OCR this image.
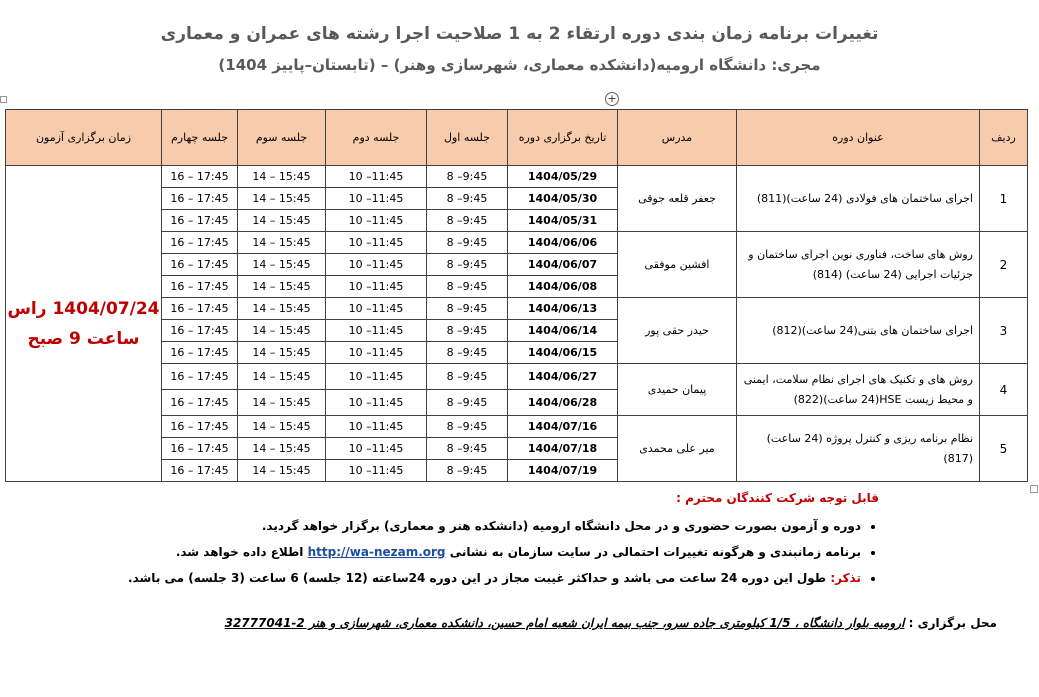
تغییرات برنامه زمان بندی دوره ارتقاء 2 به 1 صلاحیت اجرا رشته های عمران و معماری
مجری: دانشگاه ارومیه(دانشکده معماری، شهرسازی وهنر) – (تابستان–پاییز 1404)
+
ردیف	عنوان دوره	مدرس	تاریخ برگزاری دوره	جلسه اول	جلسه دوم	جلسه سوم	جلسه چهارم	زمان برگزاری آزمون
1	اجرای ساختمان های فولادی (24 ساعت)(811)	جعفر قلعه جوقی	1404/05/29	8 –9:45	10 –11:45	14 – 15:45	16 – 17:45	1404/07/24 راس
ساعت 9 صبح

			1404/05/30	8 –9:45	10 –11:45	14 – 15:45	16 – 17:45	
			1404/05/31	8 –9:45	10 –11:45	14 – 15:45	16 – 17:45	
2	روش های ساخت، فناوری نوین اجرای ساختمان و جزئیات اجرایی (24 ساعت) (814)	افشین موفقی	1404/06/06	8 –9:45	10 –11:45	14 – 15:45	16 – 17:45	
			1404/06/07	8 –9:45	10 –11:45	14 – 15:45	16 – 17:45	
			1404/06/08	8 –9:45	10 –11:45	14 – 15:45	16 – 17:45	
3	اجرای ساختمان های بتنی(24 ساعت)(812)	حیدر حقی پور	1404/06/13	8 –9:45	10 –11:45	14 – 15:45	16 – 17:45	
			1404/06/14	8 –9:45	10 –11:45	14 – 15:45	16 – 17:45	
			1404/06/15	8 –9:45	10 –11:45	14 – 15:45	16 – 17:45	
4	روش های و تکنیک های اجرای نظام سلامت، ایمنی و محیط زیست HSE(24 ساعت)(822)	پیمان حمیدی	1404/06/27	8 –9:45	10 –11:45	14 – 15:45	16 – 17:45	
			1404/06/28	8 –9:45	10 –11:45	14 – 15:45	16 – 17:45	
5	نظام برنامه ریزی و کنترل پروژه (24 ساعت)(817)	میر علی محمدی	1404/07/16	8 –9:45	10 –11:45	14 – 15:45	16 – 17:45	
			1404/07/18	8 –9:45	10 –11:45	14 – 15:45	16 – 17:45	
			1404/07/19	8 –9:45	10 –11:45	14 – 15:45	16 – 17:45	
قابل توجه شرکت کنندگان محترم :
• دوره و آزمون بصورت حضوری و در محل دانشگاه ارومیه (دانشکده هنر و معماری) برگزار خواهد گردید.
• برنامه زمانبندی و هرگونه تغییرات احتمالی در سایت سازمان به نشانی http://wa-nezam.org اطلاع داده خواهد شد.
• تذکر: طول این دوره 24 ساعت می باشد و حداکثر غیبت مجاز در این دوره 24ساعته (12 جلسه) 6 ساعت (3 جلسه) می باشد.
محل برگزاری : ارومیه بلوار دانشگاه ، 1/5 کیلومتری جاده سرو، جنب بیمه ایران شعبه امام حسین، دانشکده معماری، شهرسازی و هنر 2-32777041
